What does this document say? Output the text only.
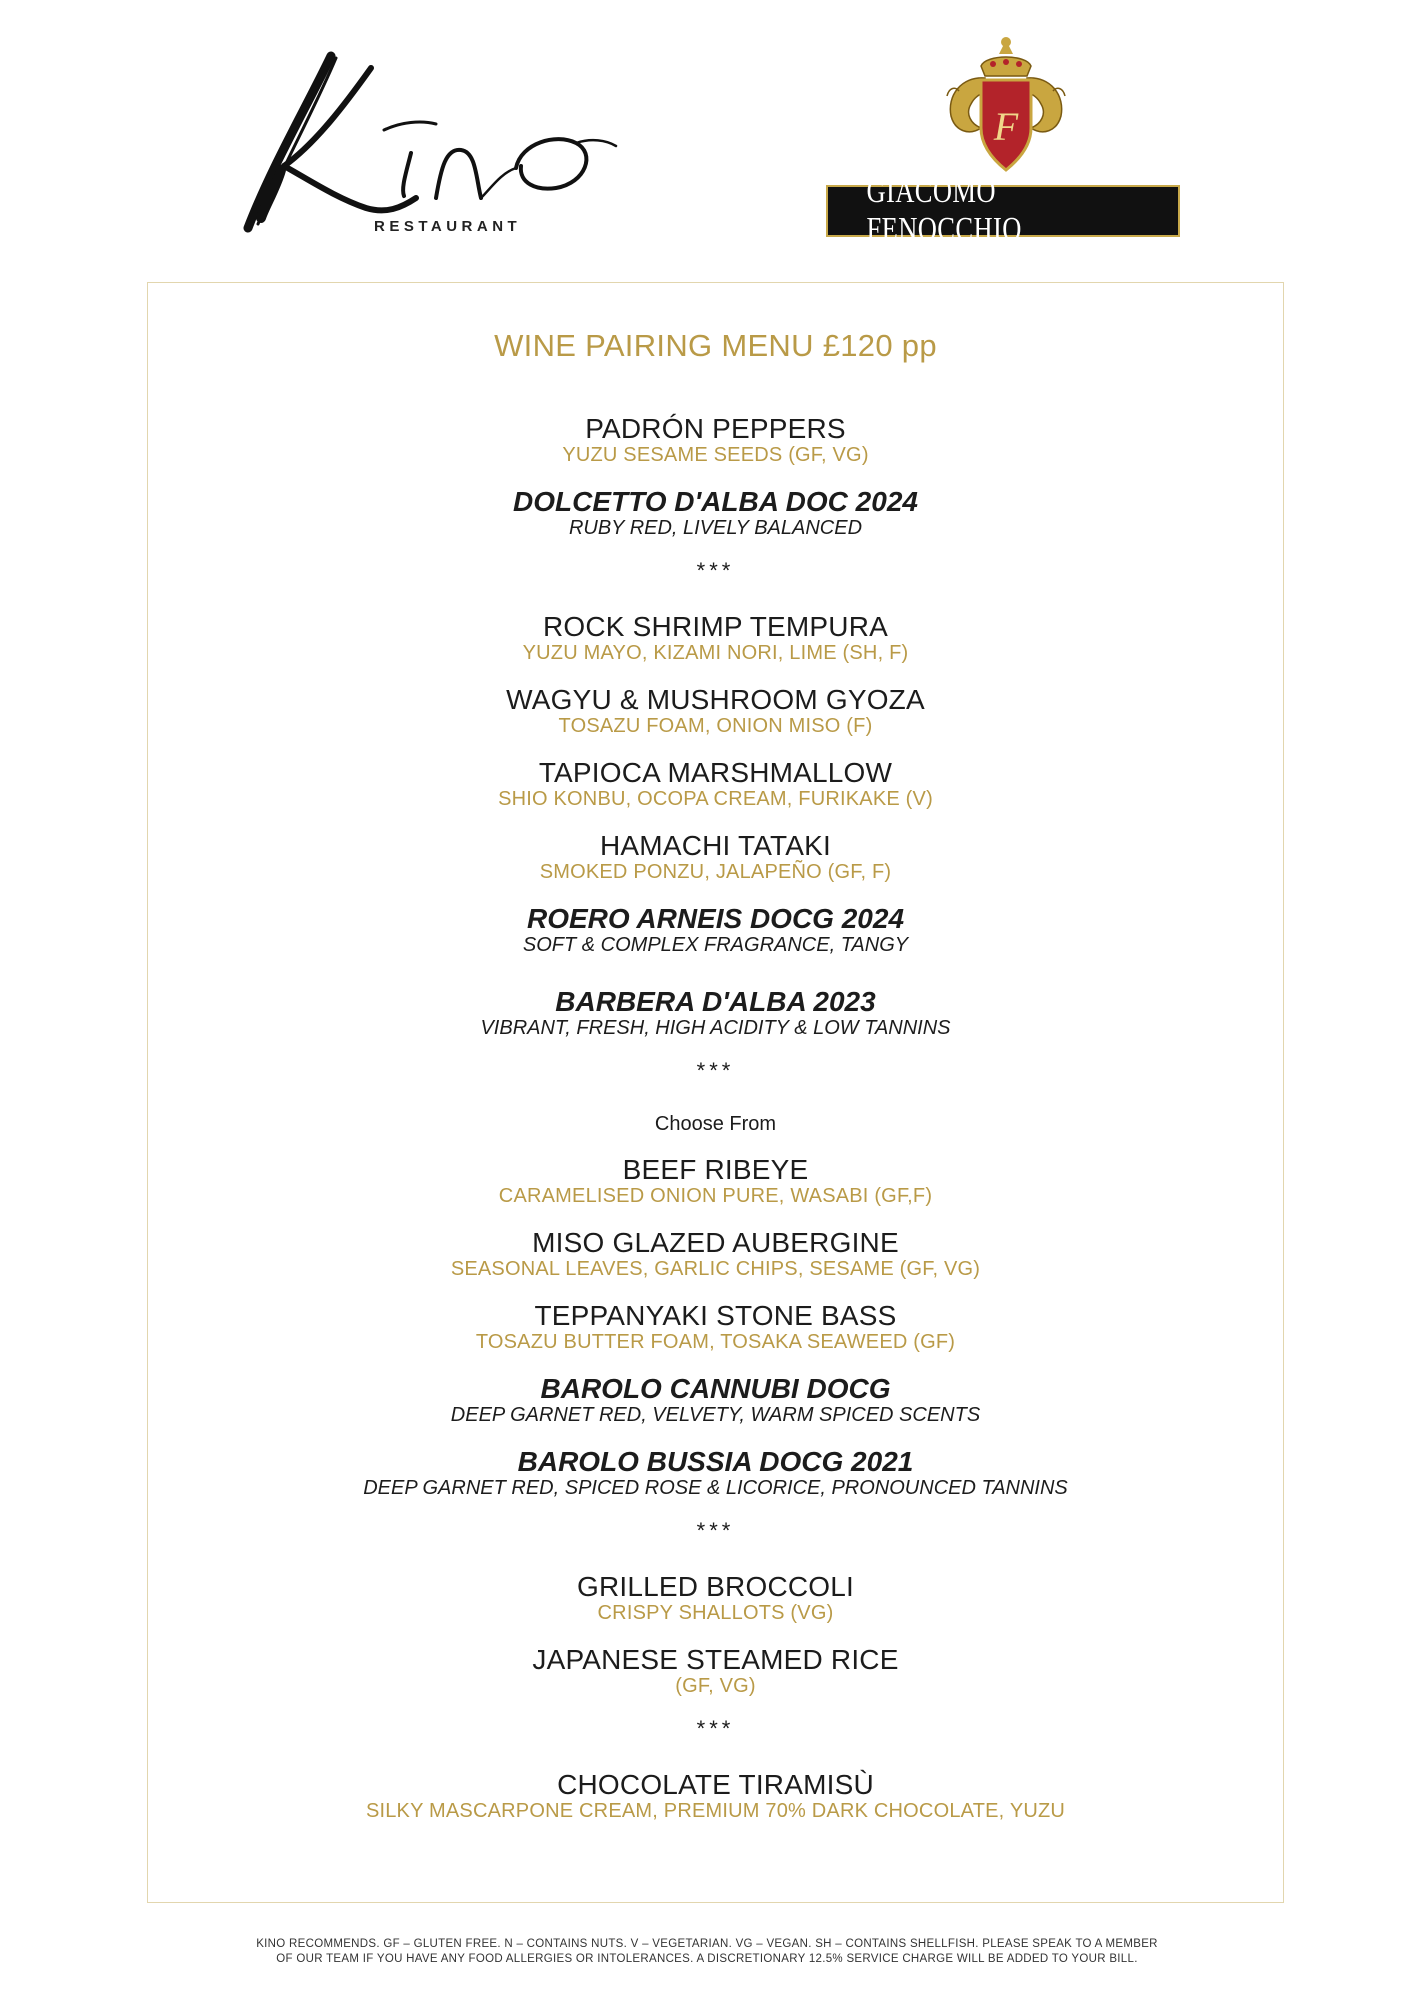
RESTAURANT
F
GIACOMO FENOCCHIO
WINE PAIRING MENU £120 pp
PADRÓN PEPPERS
YUZU SESAME SEEDS (GF, VG)
DOLCETTO D'ALBA DOC 2024
RUBY RED, LIVELY BALANCED
***
ROCK SHRIMP TEMPURA
YUZU MAYO, KIZAMI NORI, LIME (SH, F)
WAGYU & MUSHROOM GYOZA
TOSAZU FOAM, ONION MISO (F)
TAPIOCA MARSHMALLOW
SHIO KONBU, OCOPA CREAM, FURIKAKE (V)
HAMACHI TATAKI
SMOKED PONZU, JALAPEÑO (GF, F)
ROERO ARNEIS DOCG 2024
SOFT & COMPLEX FRAGRANCE, TANGY
BARBERA D'ALBA 2023
VIBRANT, FRESH, HIGH ACIDITY & LOW TANNINS
***
Choose From
BEEF RIBEYE
CARAMELISED ONION PURE, WASABI (GF,F)
MISO GLAZED AUBERGINE
SEASONAL LEAVES, GARLIC CHIPS, SESAME (GF, VG)
TEPPANYAKI STONE BASS
TOSAZU BUTTER FOAM, TOSAKA SEAWEED (GF)
BAROLO CANNUBI DOCG
DEEP GARNET RED, VELVETY, WARM SPICED SCENTS
BAROLO BUSSIA DOCG 2021
DEEP GARNET RED, SPICED ROSE & LICORICE, PRONOUNCED TANNINS
***
GRILLED BROCCOLI
CRISPY SHALLOTS (VG)
JAPANESE STEAMED RICE
(GF, VG)
***
CHOCOLATE TIRAMISÙ
SILKY MASCARPONE CREAM, PREMIUM 70% DARK CHOCOLATE, YUZU
KINO RECOMMENDS. GF – GLUTEN FREE. N – CONTAINS NUTS. V – VEGETARIAN. VG – VEGAN. SH – CONTAINS SHELLFISH. PLEASE SPEAK TO A MEMBER
OF OUR TEAM IF YOU HAVE ANY FOOD ALLERGIES OR INTOLERANCES. A DISCRETIONARY 12.5% SERVICE CHARGE WILL BE ADDED TO YOUR BILL.
